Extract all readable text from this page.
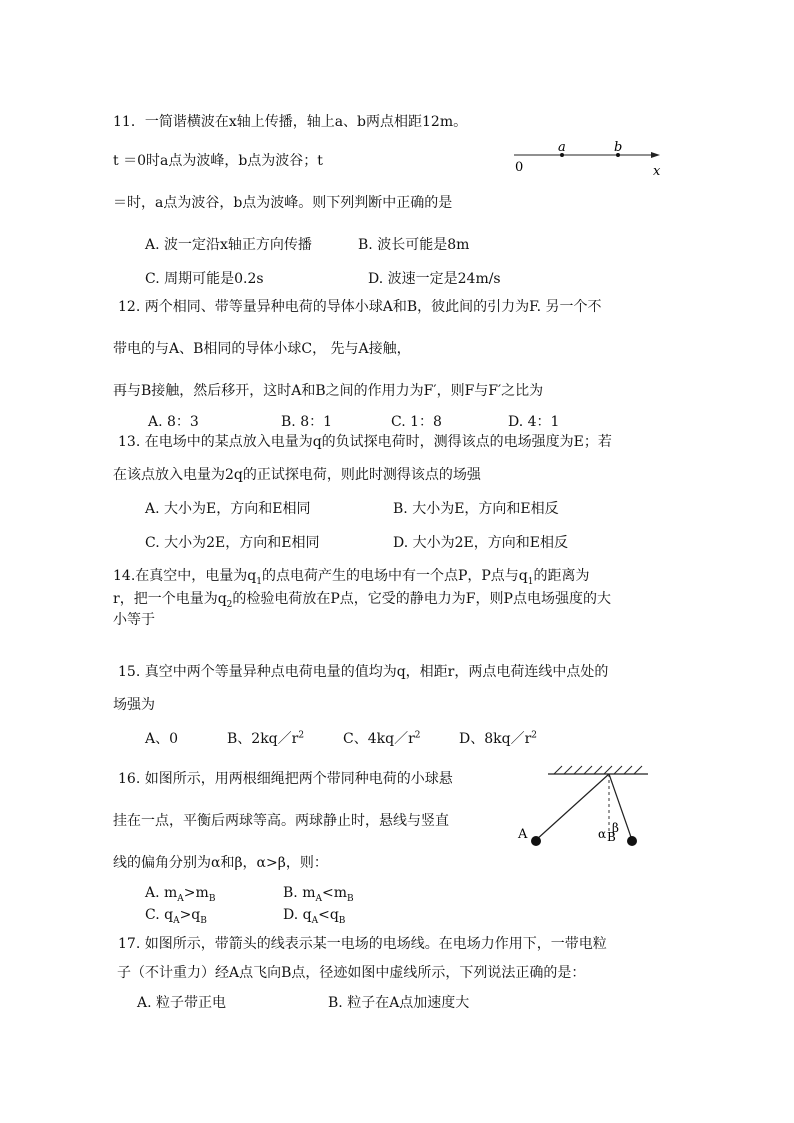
11．一简谐横波在x轴上传播，轴上a、b两点相距12m。
t ＝0时a点为波峰，b点为波谷；t
＝时，a点为波谷，b点为波峰。则下列判断中正确的是
A. 波一定沿x轴正方向传播	B. 波长可能是8m
C. 周期可能是0.2s	D. 波速一定是24m/s
a	b
0	x
12. 两个相同、带等量异种电荷的导体小球A和B，彼此间的引力为F. 另一个不
带电的与A、B相同的导体小球C， 先与A接触，
再与B接触，然后移开，这时A和B之间的作用力为F′，则F与F′之比为
A. 8：3	B. 8：1	C. 1：8	D. 4：1
13. 在电场中的某点放入电量为q的负试探电荷时，测得该点的电场强度为E；若
在该点放入电量为2q的正试探电荷，则此时测得该点的场强
A. 大小为E，方向和E相同	B. 大小为E，方向和E相反
C. 大小为2E，方向和E相同	D. 大小为2E，方向和E相反
14.在真空中，电量为$q_1$的点电荷产生的电场中有一个点P，P点与$q_1$的距离为
r，把一个电量为$q_2$的检验电荷放在P点，它受的静电力为F，则P点电场强度的大
小等于
15. 真空中两个等量异种点电荷电量的值均为q，相距r，两点电荷连线中点处的
场强为
A、0	B、$2kq/r^2$	C、$4kq/r^2$	D、$8kq/r^2$
16. 如图所示，用两根细绳把两个带同种电荷的小球悬
挂在一点，平衡后两球等高。两球静止时，悬线与竖直
线的偏角分别为α和β，α>β，则：
A. $m_A>m_B$	B. $m_A<m_B$
C. $q_A>q_B$	D. $q_A<q_B$
A	α B
β
17. 如图所示，带箭头的线表示某一电场的电场线。在电场力作用下，一带电粒
子（不计重力）经A点飞向B点，径迹如图中虚线所示，下列说法正确的是：
A. 粒子带正电	B. 粒子在A点加速度大
